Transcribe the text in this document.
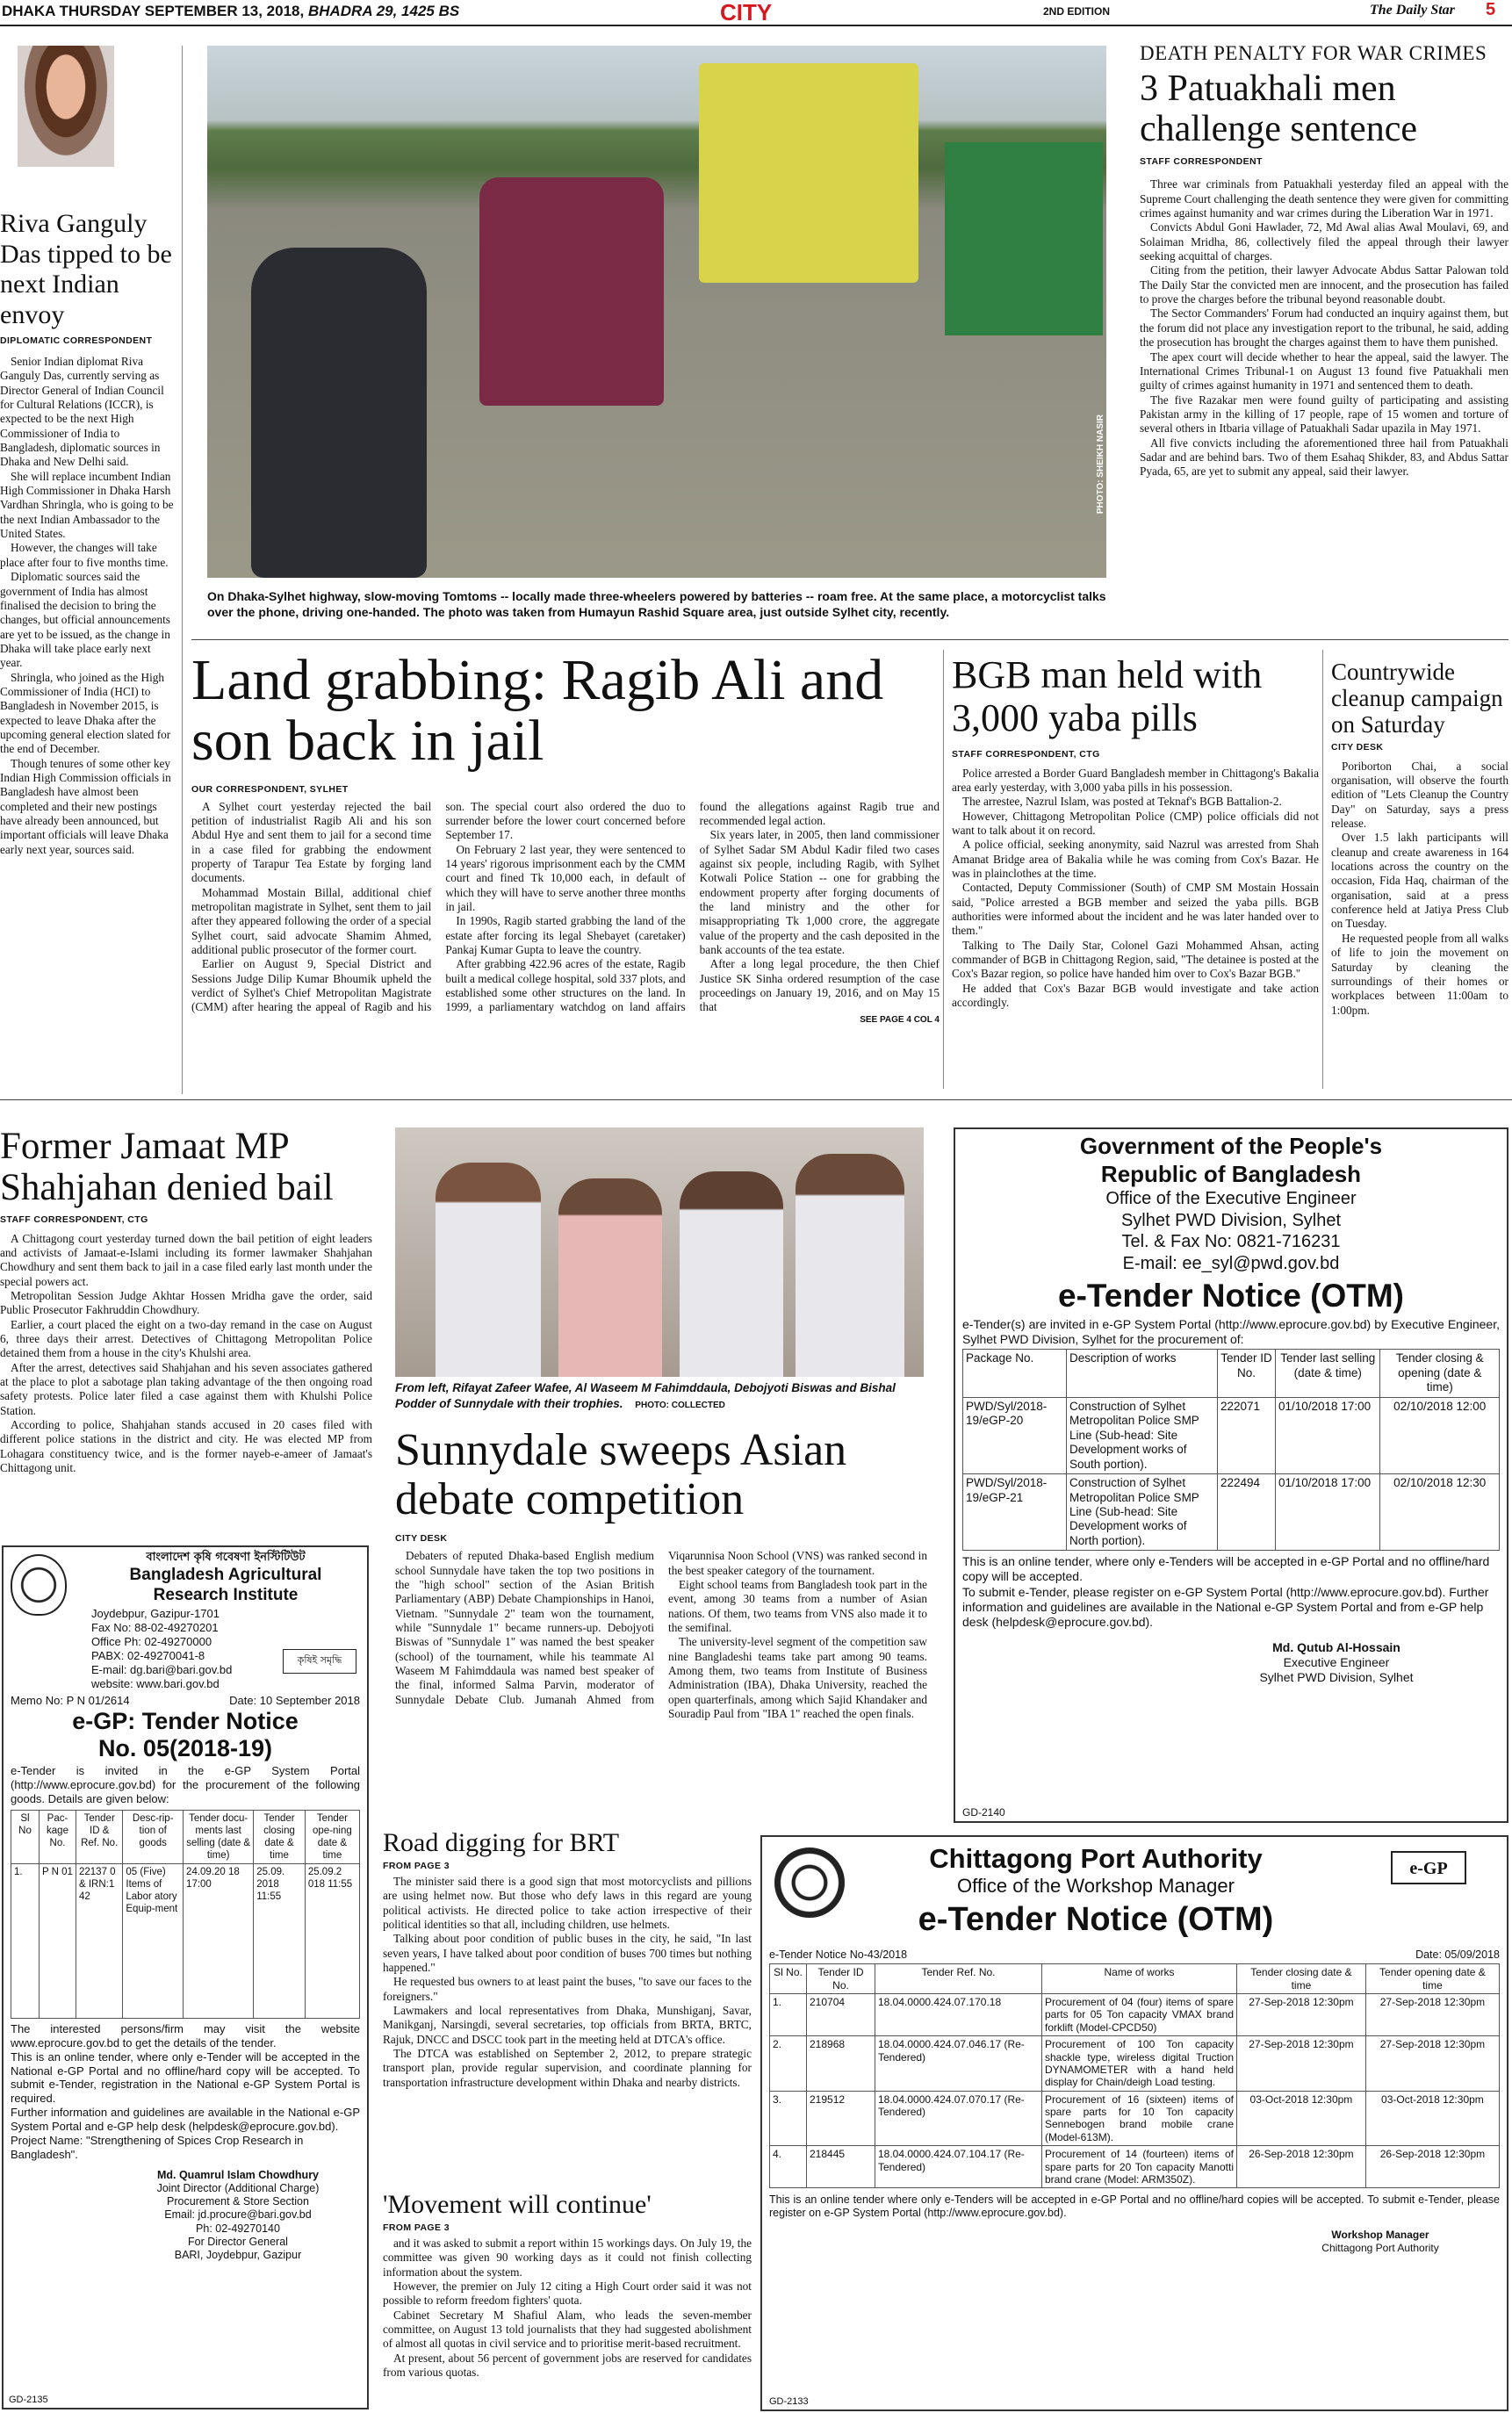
DHAKA THURSDAY SEPTEMBER 13, 2018, BHADRA 29, 1425 BS	CITY	2ND EDITION	The Daily Star 5
Riva Ganguly Das tipped to be next Indian envoy
DIPLOMATIC CORRESPONDENT

Senior Indian diplomat Riva Ganguly Das, currently serving as Director General of Indian Council for Cultural Relations (ICCR), is expected to be the next High Commissioner of India to Bangladesh, diplomatic sources in Dhaka and New Delhi said.

She will replace incumbent Indian High Commissioner in Dhaka Harsh Vardhan Shringla, who is going to be the next Indian Ambassador to the United States.

However, the changes will take place after four to five months time.

Diplomatic sources said the government of India has almost finalised the decision to bring the changes, but official announcements are yet to be issued, as the change in Dhaka will take place early next year.

Shringla, who joined as the High Commissioner of India (HCI) to Bangladesh in November 2015, is expected to leave Dhaka after the upcoming general election slated for the end of December.

Though tenures of some other key Indian High Commission officials in Bangladesh have almost been completed and their new postings have already been announced, but important officials will leave Dhaka early next year, sources said.

PHOTO: SHEIKH NASIR
On Dhaka-Sylhet highway, slow-moving Tomtoms -- locally made three-wheelers powered by batteries -- roam free. At the same place, a motorcyclist talks over the phone, driving one-handed. The photo was taken from Humayun Rashid Square area, just outside Sylhet city, recently.
DEATH PENALTY FOR WAR CRIMES
3 Patuakhali men challenge sentence
STAFF CORRESPONDENT

Three war criminals from Patuakhali yesterday filed an appeal with the Supreme Court challenging the death sentence they were given for committing crimes against humanity and war crimes during the Liberation War in 1971.

Convicts Abdul Goni Hawlader, 72, Md Awal alias Awal Moulavi, 69, and Solaiman Mridha, 86, collectively filed the appeal through their lawyer seeking acquittal of charges.

Citing from the petition, their lawyer Advocate Abdus Sattar Palowan told The Daily Star the convicted men are innocent, and the prosecution has failed to prove the charges before the tribunal beyond reasonable doubt.

The Sector Commanders' Forum had conducted an inquiry against them, but the forum did not place any investigation report to the tribunal, he said, adding the prosecution has brought the charges against them to have them punished.

The apex court will decide whether to hear the appeal, said the lawyer. The International Crimes Tribunal-1 on August 13 found five Patuakhali men guilty of crimes against humanity in 1971 and sentenced them to death.

The five Razakar men were found guilty of participating and assisting Pakistan army in the killing of 17 people, rape of 15 women and torture of several others in Itbaria village of Patuakhali Sadar upazila in May 1971.

All five convicts including the aforementioned three hail from Patuakhali Sadar and are behind bars. Two of them Esahaq Shikder, 83, and Abdus Sattar Pyada, 65, are yet to submit any appeal, said their lawyer.

Land grabbing: Ragib Ali and son back in jail
OUR CORRESPONDENT, SYLHET

A Sylhet court yesterday rejected the bail petition of industrialist Ragib Ali and his son Abdul Hye and sent them to jail for a second time in a case filed for grabbing the endowment property of Tarapur Tea Estate by forging land documents.

Mohammad Mostain Billal, additional chief metropolitan magistrate in Sylhet, sent them to jail after they appeared following the order of a special Sylhet court, said advocate Shamim Ahmed, additional public prosecutor of the former court.

Earlier on August 9, Special District and Sessions Judge Dilip Kumar Bhoumik upheld the verdict of Sylhet's Chief Metropolitan Magistrate (CMM) after hearing the appeal of Ragib and his son. The special court also ordered the duo to surrender before the lower court concerned before September 17.

On February 2 last year, they were sentenced to 14 years' rigorous imprisonment each by the CMM court and fined Tk 10,000 each, in default of which they will have to serve another three months in jail.

In 1990s, Ragib started grabbing the land of the estate after forcing its legal Shebayet (caretaker) Pankaj Kumar Gupta to leave the country.

After grabbing 422.96 acres of the estate, Ragib built a medical college hospital, sold 337 plots, and established some other structures on the land. In 1999, a parliamentary watchdog on land affairs found the allegations against Ragib true and recommended legal action.

Six years later, in 2005, then land commissioner of Sylhet Sadar SM Abdul Kadir filed two cases against six people, including Ragib, with Sylhet Kotwali Police Station -- one for grabbing the endowment property after forging documents of the land ministry and the other for misappropriating Tk 1,000 crore, the aggregate value of the property and the cash deposited in the bank accounts of the tea estate.

After a long legal procedure, the then Chief Justice SK Sinha ordered resumption of the case proceedings on January 19, 2016, and on May 15 that

SEE PAGE 4 COL 4

BGB man held with 3,000 yaba pills
STAFF CORRESPONDENT, CTG

Police arrested a Border Guard Bangladesh member in Chittagong's Bakalia area early yesterday, with 3,000 yaba pills in his possession.

The arrestee, Nazrul Islam, was posted at Teknaf's BGB Battalion-2.

However, Chittagong Metropolitan Police (CMP) police officials did not want to talk about it on record.

A police official, seeking anonymity, said Nazrul was arrested from Shah Amanat Bridge area of Bakalia while he was coming from Cox's Bazar. He was in plainclothes at the time.

Contacted, Deputy Commissioner (South) of CMP SM Mostain Hossain said, "Police arrested a BGB member and seized the yaba pills. BGB authorities were informed about the incident and he was later handed over to them."

Talking to The Daily Star, Colonel Gazi Mohammed Ahsan, acting commander of BGB in Chittagong Region, said, "The detainee is posted at the Cox's Bazar region, so police have handed him over to Cox's Bazar BGB."

He added that Cox's Bazar BGB would investigate and take action accordingly.

Countrywide cleanup campaign on Saturday
CITY DESK

Poriborton Chai, a social organisation, will observe the fourth edition of "Lets Cleanup the Country Day" on Saturday, says a press release.

Over 1.5 lakh participants will cleanup and create awareness in 164 locations across the country on the occasion, Fida Haq, chairman of the organisation, said at a press conference held at Jatiya Press Club on Tuesday.

He requested people from all walks of life to join the movement on Saturday by cleaning the surroundings of their homes or workplaces between 11:00am to 1:00pm.

Former Jamaat MP Shahjahan denied bail
STAFF CORRESPONDENT, CTG

A Chittagong court yesterday turned down the bail petition of eight leaders and activists of Jamaat-e-Islami including its former lawmaker Shahjahan Chowdhury and sent them back to jail in a case filed early last month under the special powers act.

Metropolitan Session Judge Akhtar Hossen Mridha gave the order, said Public Prosecutor Fakhruddin Chowdhury.

Earlier, a court placed the eight on a two-day remand in the case on August 6, three days their arrest. Detectives of Chittagong Metropolitan Police detained them from a house in the city's Khulshi area.

After the arrest, detectives said Shahjahan and his seven associates gathered at the place to plot a sabotage plan taking advantage of the then ongoing road safety protests. Police later filed a case against them with Khulshi Police Station.

According to police, Shahjahan stands accused in 20 cases filed with different police stations in the district and city. He was elected MP from Lohagara constituency twice, and is the former nayeb-e-ameer of Jamaat's Chittagong unit.

বাংলাদেশ কৃষি গবেষণা ইনস্টিটিউট
Bangladesh Agricultural
Research Institute
Joydebpur, Gazipur-1701
Fax No: 88-02-49270201
Office Ph: 02-49270000
PABX: 02-49270041-8
E-mail: dg.bari@bari.gov.bd
website: www.bari.gov.bd
কৃষিই সমৃদ্ধি
Memo No: P N 01/2614	Date: 10 September 2018
e-GP: Tender Notice
No. 05(2018-19)
e-Tender is invited in the e-GP System Portal (http://www.eprocure.gov.bd) for the procurement of the following goods. Details are given below:
Sl No	Pac-kage No.	Tender ID & Ref. No.	Desc-rip-tion of goods	Tender docu-ments last selling (date & time)	Tender closing date & time	Tender ope-ning date & time
1.	P N 01	22137 0 & IRN:1 42	05 (Five) Items of Labor atory Equip-ment	24.09.20 18 17:00	25.09. 2018 11:55	25.09.2 018 11:55
The interested persons/firm may visit the website www.eprocure.gov.bd to get the details of the tender.
This is an online tender, where only e-Tender will be accepted in the National e-GP Portal and no offline/hard copy will be accepted. To submit e-Tender, registration in the National e-GP System Portal is required.
Further information and guidelines are available in the National e-GP System Portal and e-GP help desk (helpdesk@eprocure.gov.bd).
Project Name: "Strengthening of Spices Crop Research in Bangladesh".
Md. Quamrul Islam Chowdhury
Joint Director (Additional Charge)
Procurement & Store Section
Email: jd.procure@bari.gov.bd
Ph: 02-49270140
For Director General
BARI, Joydebpur, Gazipur
GD-2135
From left, Rifayat Zafeer Wafee, Al Waseem M Fahimddaula, Debojyoti Biswas and Bishal Podder of Sunnydale with their trophies. PHOTO: COLLECTED
Sunnydale sweeps Asian debate competition
CITY DESK

Debaters of reputed Dhaka-based English medium school Sunnydale have taken the top two positions in the "high school" section of the Asian British Parliamentary (ABP) Debate Championships in Hanoi, Vietnam. "Sunnydale 2" team won the tournament, while "Sunnydale 1" became runners-up. Debojyoti Biswas of "Sunnydale 1" was named the best speaker (school) of the tournament, while his teammate Al Waseem M Fahimddaula was named best speaker of the final, informed Salma Parvin, moderator of Sunnydale Debate Club. Jumanah Ahmed from Viqarunnisa Noon School (VNS) was ranked second in the best speaker category of the tournament.

Eight school teams from Bangladesh took part in the event, among 30 teams from a number of Asian nations. Of them, two teams from VNS also made it to the semifinal.

The university-level segment of the competition saw nine Bangladeshi teams take part among 90 teams. Among them, two teams from Institute of Business Administration (IBA), Dhaka University, reached the open quarterfinals, among which Sajid Khandaker and Souradip Paul from "IBA 1" reached the open finals.

Government of the People's
Republic of Bangladesh
Office of the Executive Engineer
Sylhet PWD Division, Sylhet
Tel. & Fax No: 0821-716231
E-mail: ee_syl@pwd.gov.bd
e-Tender Notice (OTM)
e-Tender(s) are invited in e-GP System Portal (http://www.eprocure.gov.bd) by Executive Engineer, Sylhet PWD Division, Sylhet for the procurement of:
Package No.	Description of works	Tender ID No.	Tender last selling (date & time)	Tender closing & opening (date & time)
PWD/Syl/2018-19/eGP-20	Construction of Sylhet Metropolitan Police SMP Line (Sub-head: Site Development works of South portion).	222071	01/10/2018 17:00	02/10/2018 12:00
PWD/Syl/2018-19/eGP-21	Construction of Sylhet Metropolitan Police SMP Line (Sub-head: Site Development works of North portion).	222494	01/10/2018 17:00	02/10/2018 12:30
This is an online tender, where only e-Tenders will be accepted in e-GP Portal and no offline/hard copy will be accepted.
To submit e-Tender, please register on e-GP System Portal (http://www.eprocure.gov.bd). Further information and guidelines are available in the National e-GP System Portal and from e-GP help desk (helpdesk@eprocure.gov.bd).
Md. Qutub Al-Hossain
Executive Engineer
Sylhet PWD Division, Sylhet
GD-2140
Road digging for BRT
FROM PAGE 3

The minister said there is a good sign that most motorcyclists and pillions are using helmet now. But those who defy laws in this regard are young political activists. He directed police to take action irrespective of their political identities so that all, including children, use helmets.

Talking about poor condition of public buses in the city, he said, "In last seven years, I have talked about poor condition of buses 700 times but nothing happened."

He requested bus owners to at least paint the buses, "to save our faces to the foreigners."

Lawmakers and local representatives from Dhaka, Munshiganj, Savar, Manikganj, Narsingdi, several secretaries, top officials from BRTA, BRTC, Rajuk, DNCC and DSCC took part in the meeting held at DTCA's office.

The DTCA was established on September 2, 2012, to prepare strategic transport plan, provide regular supervision, and coordinate planning for transportation infrastructure development within Dhaka and nearby districts.

'Movement will continue'
FROM PAGE 3

and it was asked to submit a report within 15 workings days. On July 19, the committee was given 90 working days as it could not finish collecting information about the system.

However, the premier on July 12 citing a High Court order said it was not possible to reform freedom fighters' quota.

Cabinet Secretary M Shafiul Alam, who leads the seven-member committee, on August 13 told journalists that they had suggested abolishment of almost all quotas in civil service and to prioritise merit-based recruitment.

At present, about 56 percent of government jobs are reserved for candidates from various quotas.

Chittagong Port Authority
Office of the Workshop Manager
e-Tender Notice (OTM)
e-GP
e-Tender Notice No-43/2018	Date: 05/09/2018
Sl No.	Tender ID No.	Tender Ref. No.	Name of works	Tender closing date & time	Tender opening date & time
1.	210704	18.04.0000.424.07.170.18	Procurement of 04 (four) items of spare parts for 05 Ton capacity VMAX brand forklift (Model-CPCD50)	27-Sep-2018 12:30pm	27-Sep-2018 12:30pm
2.	218968	18.04.0000.424.07.046.17 (Re-Tendered)	Procurement of 100 Ton capacity shackle type, wireless digital Truction DYNAMOMETER with a hand held display for Chain/deigh Load testing.	27-Sep-2018 12:30pm	27-Sep-2018 12:30pm
3.	219512	18.04.0000.424.07.070.17 (Re-Tendered)	Procurement of 16 (sixteen) items of spare parts for 10 Ton capacity Sennebogen brand mobile crane (Model-613M).	03-Oct-2018 12:30pm	03-Oct-2018 12:30pm
4.	218445	18.04.0000.424.07.104.17 (Re-Tendered)	Procurement of 14 (fourteen) items of spare parts for 20 Ton capacity Manotti brand crane (Model: ARM350Z).	26-Sep-2018 12:30pm	26-Sep-2018 12:30pm
This is an online tender where only e-Tenders will be accepted in e-GP Portal and no offline/hard copies will be accepted. To submit e-Tender, please register on e-GP System Portal (http://www.eprocure.gov.bd).
Workshop Manager
Chittagong Port Authority
GD-2133
